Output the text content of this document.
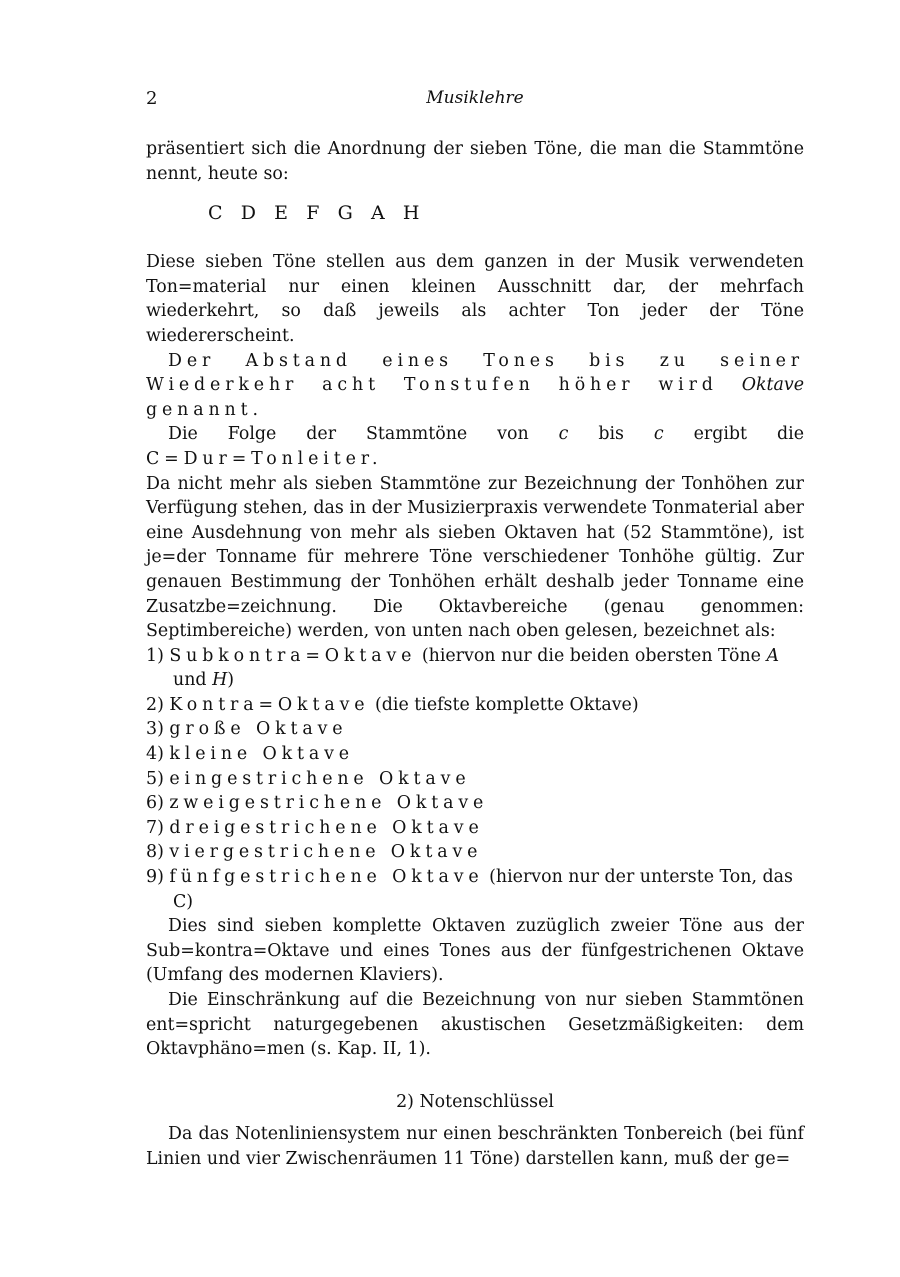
2	Musiklehre

präsentiert sich die Anordnung der sieben Töne, die man die Stammtöne nennt, heute so:

C D E F G A H

Diese sieben Töne stellen aus dem ganzen in der Musik verwendeten Ton=material nur einen kleinen Ausschnitt dar, der mehrfach wiederkehrt, so daß jeweils als achter Ton jeder der Töne wiedererscheint.

Der Abstand eines Tones bis zu seiner Wiederkehr acht Tonstufen höher wird Oktave genannt.

Die Folge der Stammtöne von c bis c ergibt die C=Dur=Tonleiter.

Da nicht mehr als sieben Stammtöne zur Bezeichnung der Tonhöhen zur Verfügung stehen, das in der Musizierpraxis verwendete Tonmaterial aber eine Ausdehnung von mehr als sieben Oktaven hat (52 Stammtöne), ist je=der Tonname für mehrere Töne verschiedener Tonhöhe gültig. Zur genauen Bestimmung der Tonhöhen erhält deshalb jeder Tonname eine Zusatzbe=zeichnung. Die Oktavbereiche (genau genommen: Septimbereiche) werden, von unten nach oben gelesen, bezeichnet als:

1) Subkontra=Oktave (hiervon nur die beiden obersten Töne A und H)
2) Kontra=Oktave (die tiefste komplette Oktave)
3) große Oktave
4) kleine Oktave
5) eingestrichene Oktave
6) zweigestrichene Oktave
7) dreigestrichene Oktave
8) viergestrichene Oktave
9) fünfgestrichene Oktave (hiervon nur der unterste Ton, das C)

Dies sind sieben komplette Oktaven zuzüglich zweier Töne aus der Sub=kontra=Oktave und eines Tones aus der fünfgestrichenen Oktave (Umfang des modernen Klaviers).

Die Einschränkung auf die Bezeichnung von nur sieben Stammtönen ent=spricht naturgegebenen akustischen Gesetzmäßigkeiten: dem Oktavphäno=men (s. Kap. II, 1).

2) Notenschlüssel

Da das Notenliniensystem nur einen beschränkten Tonbereich (bei fünf Linien und vier Zwischenräumen 11 Töne) darstellen kann, muß der ge=
